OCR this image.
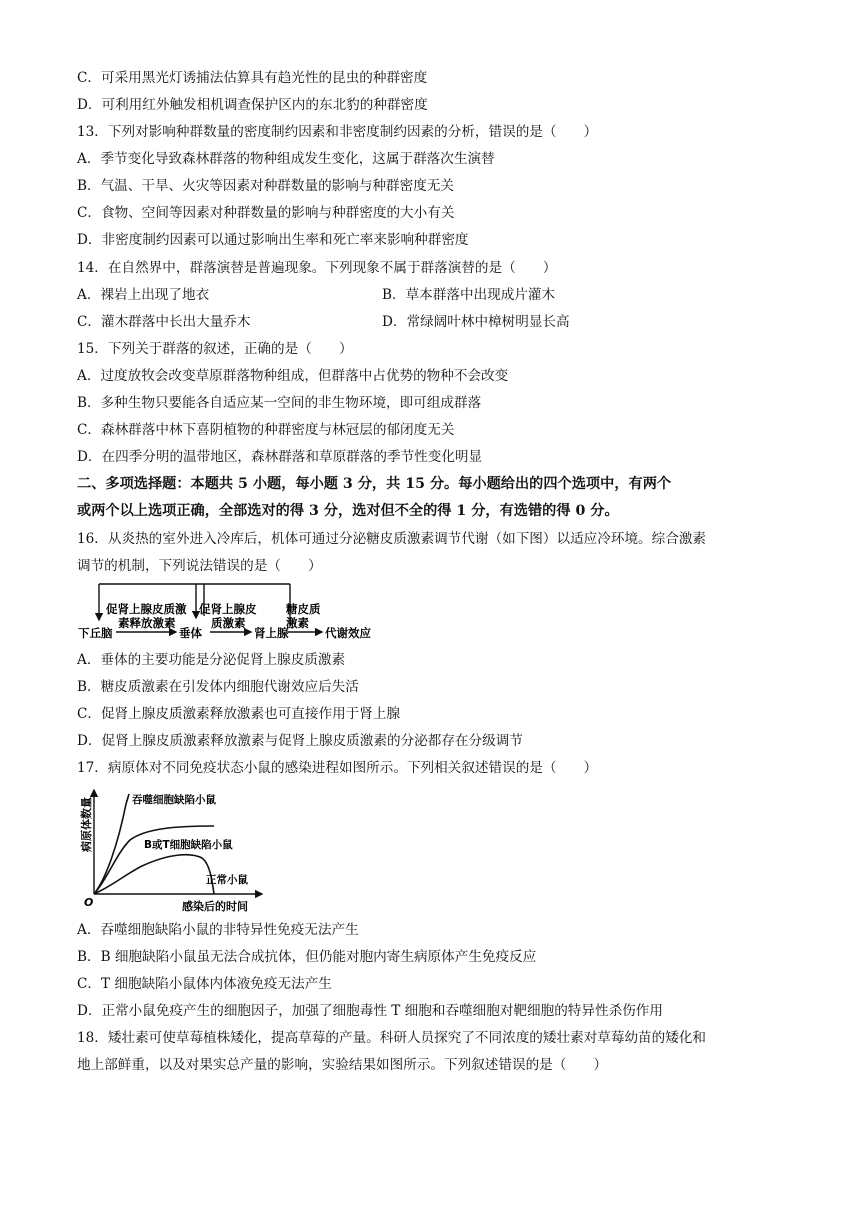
C．可采用黑光灯诱捕法估算具有趋光性的昆虫的种群密度
D．可利用红外触发相机调查保护区内的东北豹的种群密度
13．下列对影响种群数量的密度制约因素和非密度制约因素的分析，错误的是（　　）
A．季节变化导致森林群落的物种组成发生变化，这属于群落次生演替
B．气温、干旱、火灾等因素对种群数量的影响与种群密度无关
C．食物、空间等因素对种群数量的影响与种群密度的大小有关
D．非密度制约因素可以通过影响出生率和死亡率来影响种群密度
14．在自然界中，群落演替是普遍现象。下列现象不属于群落演替的是（　　）
A．裸岩上出现了地衣	B．草本群落中出现成片灌木
C．灌木群落中长出大量乔木	D．常绿阔叶林中樟树明显长高
15．下列关于群落的叙述，正确的是（　　）
A．过度放牧会改变草原群落物种组成，但群落中占优势的物种不会改变
B．多种生物只要能各自适应某一空间的非生物环境，即可组成群落
C．森林群落中林下喜阴植物的种群密度与林冠层的郁闭度无关
D．在四季分明的温带地区，森林群落和草原群落的季节性变化明显
二、多项选择题：本题共 5 小题，每小题 3 分，共 15 分。每小题给出的四个选项中，有两个
或两个以上选项正确，全部选对的得 3 分，选对但不全的得 1 分，有选错的得 0 分。
16．从炎热的室外进入冷库后，机体可通过分泌糖皮质激素调节代谢（如下图）以适应冷环境。综合激素
调节的机制，下列说法错误的是（　　）
下丘脑	垂体	肾上腺	代谢效应
促肾上腺皮质激
素释放激素
促肾上腺皮
质激素
糖皮质
激素
A．垂体的主要功能是分泌促肾上腺皮质激素
B．糖皮质激素在引发体内细胞代谢效应后失活
C．促肾上腺皮质激素释放激素也可直接作用于肾上腺
D．促肾上腺皮质激素释放激素与促肾上腺皮质激素的分泌都存在分级调节
17．病原体对不同免疫状态小鼠的感染进程如图所示。下列相关叙述错误的是（　　）
O
病原体数量
感染后的时间
吞噬细胞缺陷小鼠
B或T细胞缺陷小鼠
正常小鼠
A．吞噬细胞缺陷小鼠的非特异性免疫无法产生
B．B 细胞缺陷小鼠虽无法合成抗体，但仍能对胞内寄生病原体产生免疫反应
C．T 细胞缺陷小鼠体内体液免疫无法产生
D．正常小鼠免疫产生的细胞因子，加强了细胞毒性 T 细胞和吞噬细胞对靶细胞的特异性杀伤作用
18．矮壮素可使草莓植株矮化，提高草莓的产量。科研人员探究了不同浓度的矮壮素对草莓幼苗的矮化和
地上部鲜重，以及对果实总产量的影响，实验结果如图所示。下列叙述错误的是（　　）
